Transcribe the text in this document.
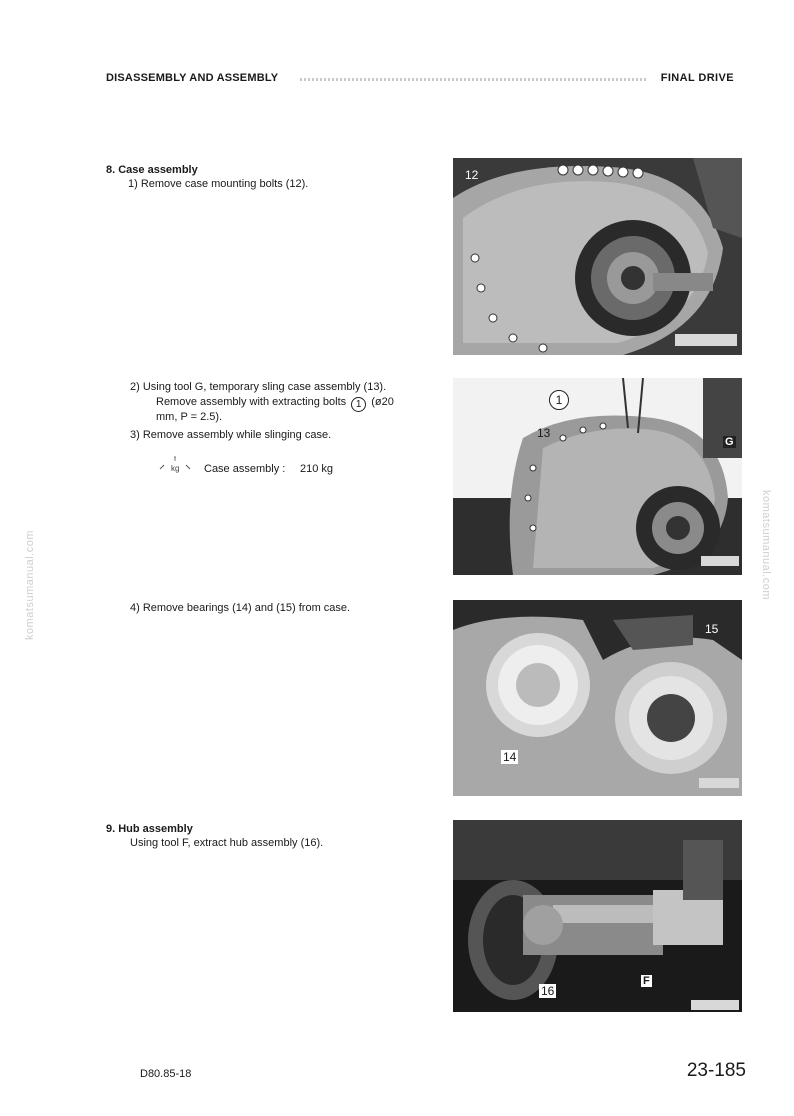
DISASSEMBLY AND ASSEMBLY	FINAL DRIVE
komatsumanual.com	komatsumanual.com
8. Case assembly
1) Remove case mounting bolts (12).
2) Using tool G, temporary sling case assembly (13).
Remove assembly with extracting bolts 1 (ø20
mm, P = 2.5).
3) Remove assembly while slinging case.
kg Case assembly : 210 kg
4) Remove bearings (14) and (15) from case.
9. Hub assembly
Using tool F, extract hub assembly (16).
12
1
13
G
15
14
F
16
D80.85-18	23-185
